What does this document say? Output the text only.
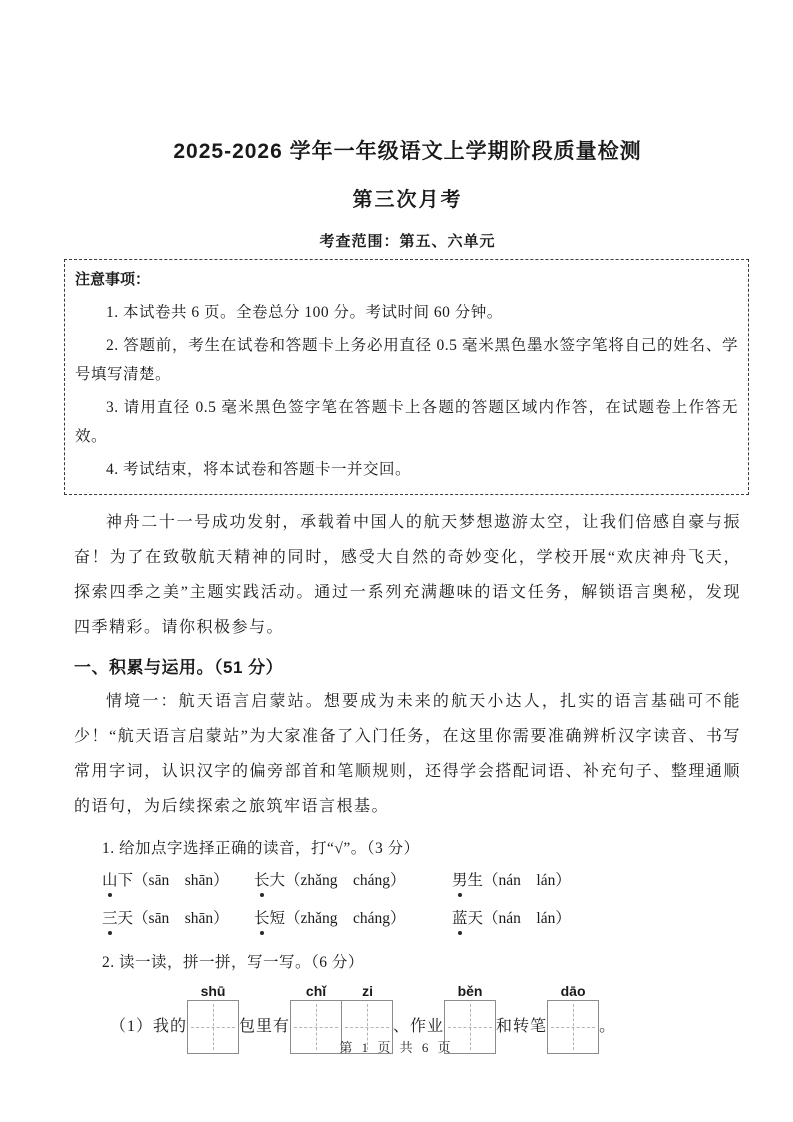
2025-2026 学年一年级语文上学期阶段质量检测
第三次月考
考查范围：第五、六单元
注意事项：

1. 本试卷共 6 页。全卷总分 100 分。考试时间 60 分钟。

2. 答题前，考生在试卷和答题卡上务必用直径 0.5 毫米黑色墨水签字笔将自己的姓名、学号填写清楚。

3. 请用直径 0.5 毫米黑色签字笔在答题卡上各题的答题区域内作答，在试题卷上作答无效。

4. 考试结束，将本试卷和答题卡一并交回。

神舟二十一号成功发射，承载着中国人的航天梦想遨游太空，让我们倍感自豪与振奋！为了在致敬航天精神的同时，感受大自然的奇妙变化，学校开展“欢庆神舟飞天，探索四季之美”主题实践活动。通过一系列充满趣味的语文任务，解锁语言奥秘，发现四季精彩。请你积极参与。

一、积累与运用。（51 分）

情境一：航天语言启蒙站。想要成为未来的航天小达人，扎实的语言基础可不能少！“航天语言启蒙站”为大家准备了入门任务，在这里你需要准确辨析汉字读音、书写常用字词，认识汉字的偏旁部首和笔顺规则，还得学会搭配词语、补充句子、整理通顺的语句，为后续探索之旅筑牢语言根基。

1. 给加点字选择正确的读音，打“√”。（3 分）
山下（sān　shān）	长大（zhǎng　cháng）	男生（nán　lán）
三天（sān　shān）	长短（zhǎng　cháng）	蓝天（nán　lán）
2. 读一读，拼一拼，写一写。（6 分）
（1）我的
shū
包里有
chǐ	zi
、作业
běn
和转笔
dāo
。
第 1 页 共 6 页
